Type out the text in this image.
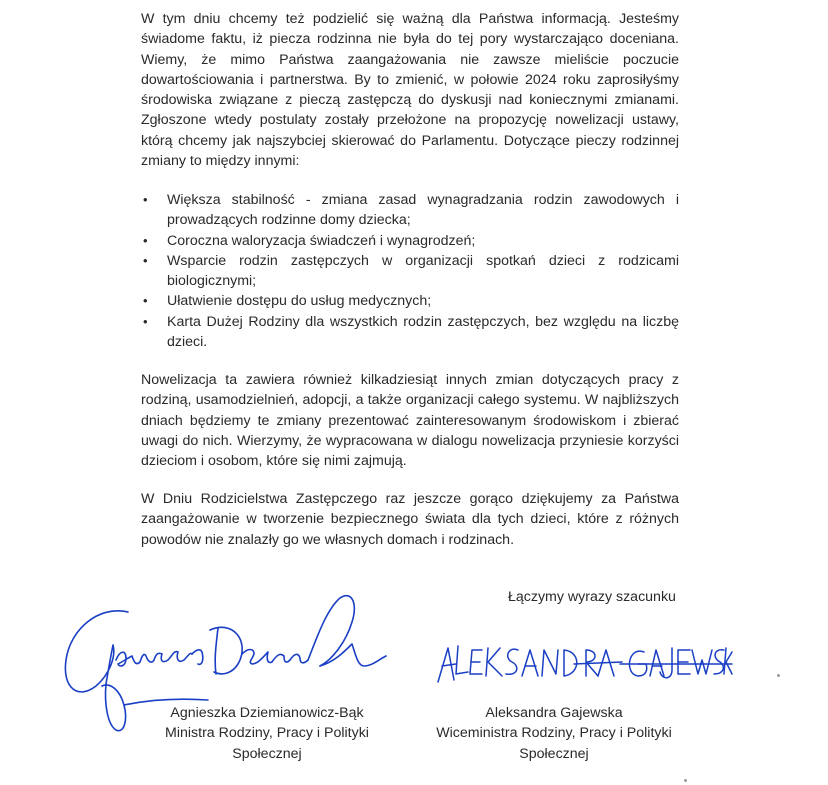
W tym dniu chcemy też podzielić się ważną dla Państwa informacją. Jesteśmy świadome faktu, iż piecza rodzinna nie była do tej pory wystarczająco doceniana. Wiemy, że mimo Państwa zaangażowania nie zawsze mieliście poczucie dowartościowania i partnerstwa. By to zmienić, w połowie 2024 roku zaprosiłyśmy środowiska związane z pieczą zastępczą do dyskusji nad koniecznymi zmianami. Zgłoszone wtedy postulaty zostały przełożone na propozycję nowelizacji ustawy, którą chcemy jak najszybciej skierować do Parlamentu. Dotyczące pieczy rodzinnej zmiany to między innymi:

• Większa stabilność - zmiana zasad wynagradzania rodzin zawodowych i prowadzących rodzinne domy dziecka;
• Coroczna waloryzacja świadczeń i wynagrodzeń;
• Wsparcie rodzin zastępczych w organizacji spotkań dzieci z rodzicami biologicznymi;
• Ułatwienie dostępu do usług medycznych;
• Karta Dużej Rodziny dla wszystkich rodzin zastępczych, bez względu na liczbę dzieci.

Nowelizacja ta zawiera również kilkadziesiąt innych zmian dotyczących pracy z rodziną, usamodzielnień, adopcji, a także organizacji całego systemu. W najbliższych dniach będziemy te zmiany prezentować zainteresowanym środowiskom i zbierać uwagi do nich. Wierzymy, że wypracowana w dialogu nowelizacja przyniesie korzyści dzieciom i osobom, które się nimi zajmują.

W Dniu Rodzicielstwa Zastępczego raz jeszcze gorąco dziękujemy za Państwa zaangażowanie w tworzenie bezpiecznego świata dla tych dzieci, które z różnych powodów nie znalazły go we własnych domach i rodzinach.

Łączymy wyrazy szacunku

Agnieszka Dziemianowicz-Bąk
Ministra Rodziny, Pracy i Polityki
Społecznej
Aleksandra Gajewska
Wiceministra Rodziny, Pracy i Polityki
Społecznej
